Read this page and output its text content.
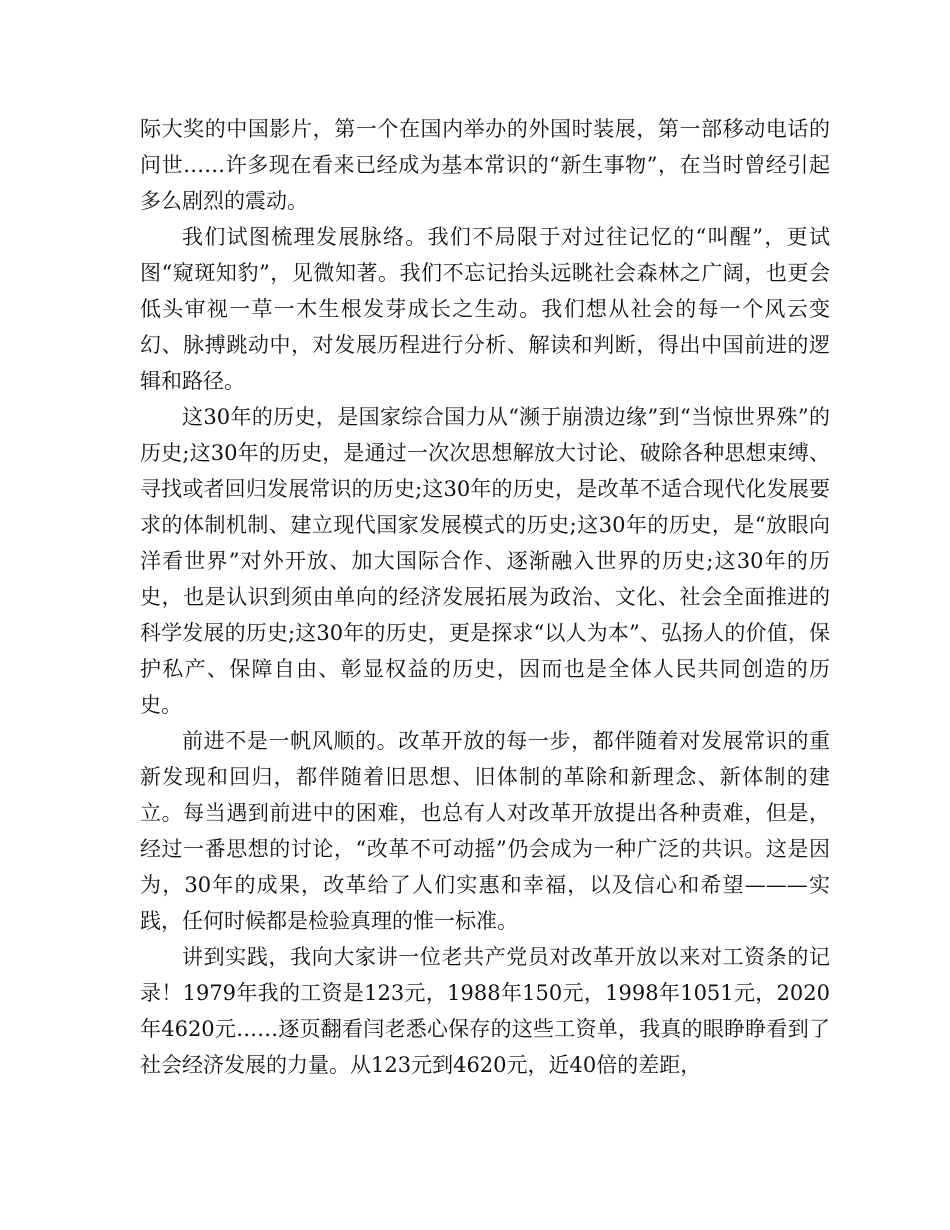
际大奖的中国影片，第一个在国内举办的外国时装展，第一部移动电话的问世……许多现在看来已经成为基本常识的“新生事物”，在当时曾经引起多么剧烈的震动。

我们试图梳理发展脉络。我们不局限于对过往记忆的“叫醒”，更试图“窥斑知豹”，见微知著。我们不忘记抬头远眺社会森林之广阔，也更会低头审视一草一木生根发芽成长之生动。我们想从社会的每一个风云变幻、脉搏跳动中，对发展历程进行分析、解读和判断，得出中国前进的逻辑和路径。

这30年的历史，是国家综合国力从“濒于崩溃边缘”到“当惊世界殊”的历史;这30年的历史，是通过一次次思想解放大讨论、破除各种思想束缚、寻找或者回归发展常识的历史;这30年的历史，是改革不适合现代化发展要求的体制机制、建立现代国家发展模式的历史;这30年的历史，是“放眼向洋看世界”对外开放、加大国际合作、逐渐融入世界的历史;这30年的历史，也是认识到须由单向的经济发展拓展为政治、文化、社会全面推进的科学发展的历史;这30年的历史，更是探求“以人为本”、弘扬人的价值，保护私产、保障自由、彰显权益的历史，因而也是全体人民共同创造的历史。

前进不是一帆风顺的。改革开放的每一步，都伴随着对发展常识的重新发现和回归，都伴随着旧思想、旧体制的革除和新理念、新体制的建立。每当遇到前进中的困难，也总有人对改革开放提出各种责难，但是，经过一番思想的讨论，“改革不可动摇”仍会成为一种广泛的共识。这是因为，30年的成果，改革给了人们实惠和幸福，以及信心和希望———实践，任何时候都是检验真理的惟一标准。

讲到实践，我向大家讲一位老共产党员对改革开放以来对工资条的记录！1979年我的工资是123元，1988年150元，1998年1051元，2020年4620元……逐页翻看闫老悉心保存的这些工资单，我真的眼睁睁看到了社会经济发展的力量。从123元到4620元，近40倍的差距，
